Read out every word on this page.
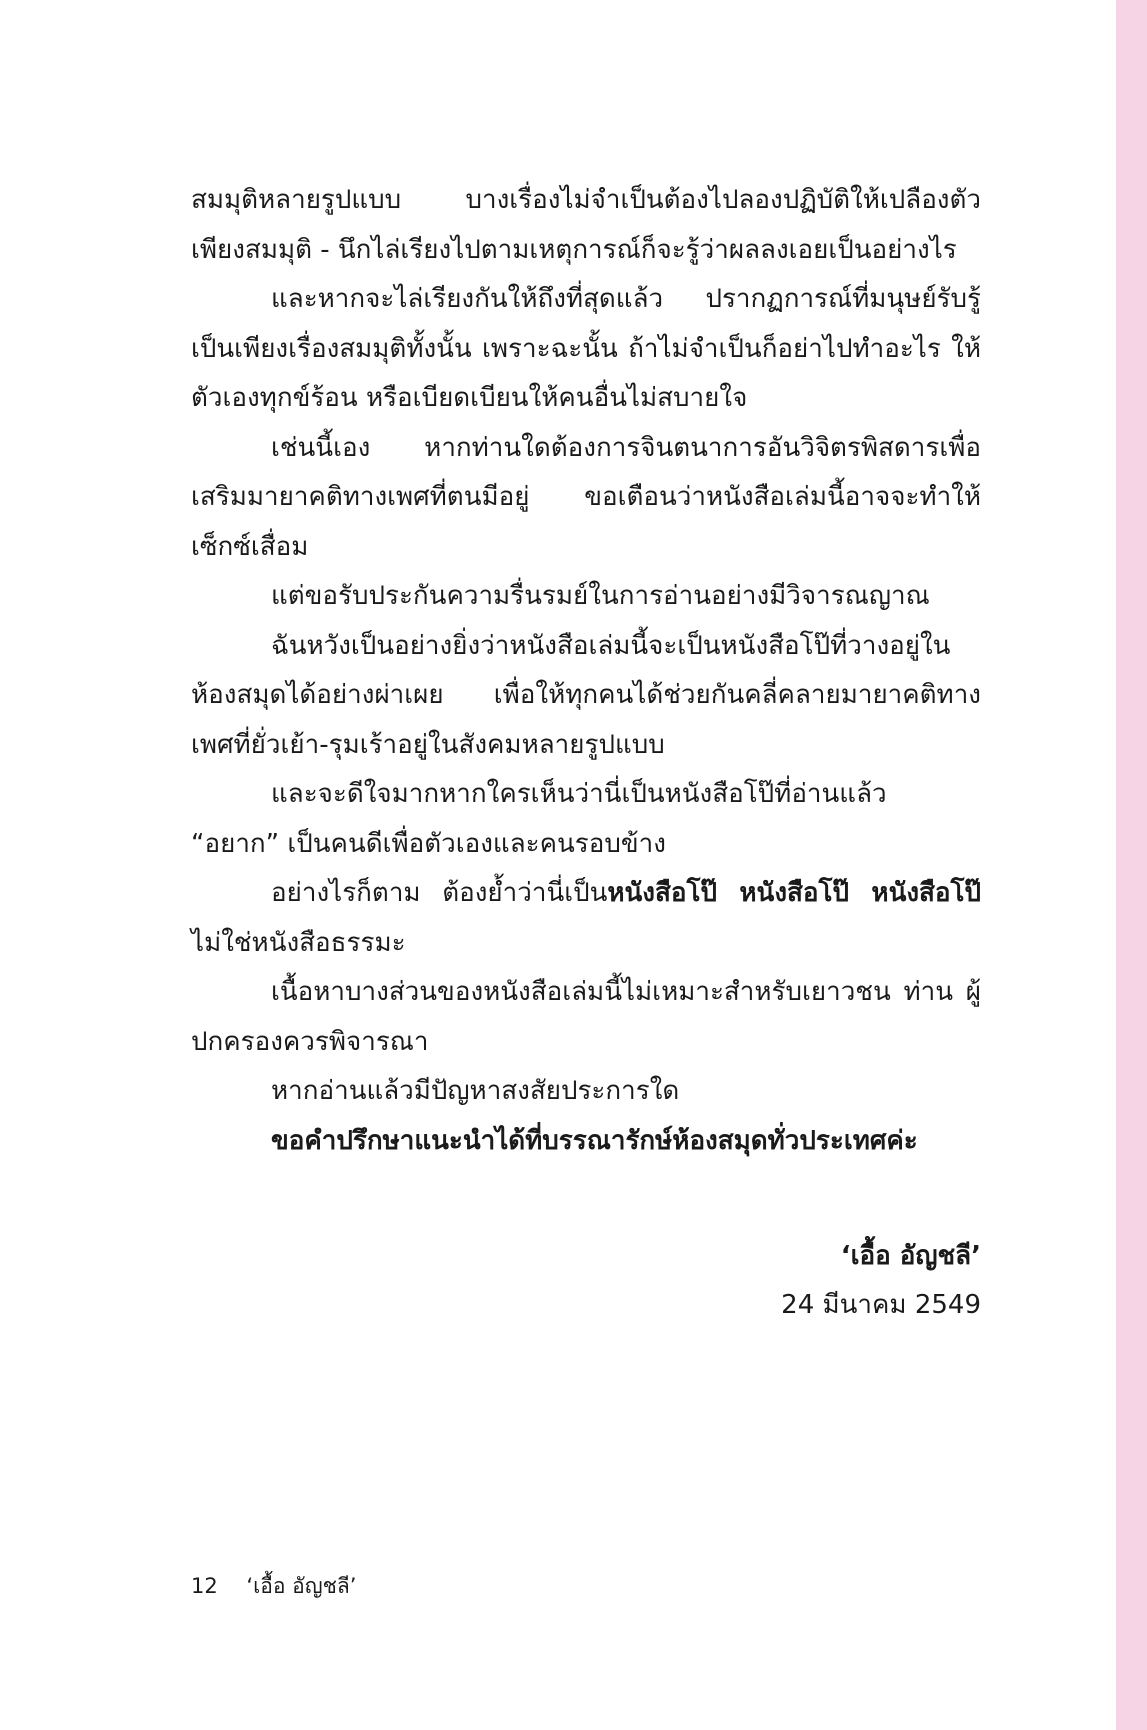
สมมุติหลายรูปแบบ บางเรื่องไม่จำเป็นต้องไปลองปฏิบัติให้เปลืองตัว เพียงสมมุติ - นึกไล่เรียงไปตามเหตุการณ์ก็จะรู้ว่าผลลงเอยเป็นอย่างไร

และหากจะไล่เรียงกันให้ถึงที่สุดแล้ว ปรากฏการณ์ที่มนุษย์รับรู้ เป็นเพียงเรื่องสมมุติทั้งนั้น เพราะฉะนั้น ถ้าไม่จำเป็นก็อย่าไปทำอะไร ให้ตัวเองทุกข์ร้อน หรือเบียดเบียนให้คนอื่นไม่สบายใจ

เช่นนี้เอง หากท่านใดต้องการจินตนาการอันวิจิตรพิสดารเพื่อ เสริมมายาคติทางเพศที่ตนมีอยู่ ขอเตือนว่าหนังสือเล่มนี้อาจจะทำให้ เซ็กซ์เสื่อม

แต่ขอรับประกันความรื่นรมย์ในการอ่านอย่างมีวิจารณญาณ

ฉันหวังเป็นอย่างยิ่งว่าหนังสือเล่มนี้จะเป็นหนังสือโป๊ที่วางอยู่ใน ห้องสมุดได้อย่างผ่าเผย เพื่อให้ทุกคนได้ช่วยกันคลี่คลายมายาคติทาง เพศที่ยั่วเย้า-รุมเร้าอยู่ในสังคมหลายรูปแบบ

และจะดีใจมากหากใครเห็นว่านี่เป็นหนังสือโป๊ที่อ่านแล้ว “อยาก” เป็นคนดีเพื่อตัวเองและคนรอบข้าง

อย่างไรก็ตาม ต้องย้ำว่านี่เป็นหนังสือโป๊ หนังสือโป๊ หนังสือโป๊ ไม่ใช่หนังสือธรรมะ

เนื้อหาบางส่วนของหนังสือเล่มนี้ไม่เหมาะสำหรับเยาวชน ท่าน ผู้ปกครองควรพิจารณา

หากอ่านแล้วมีปัญหาสงสัยประการใด

ขอคำปรึกษาแนะนำได้ที่บรรณารักษ์ห้องสมุดทั่วประเทศค่ะ

‘เอื้อ อัญชลี’
24 มีนาคม 2549
12 ‘เอื้อ อัญชลี’
